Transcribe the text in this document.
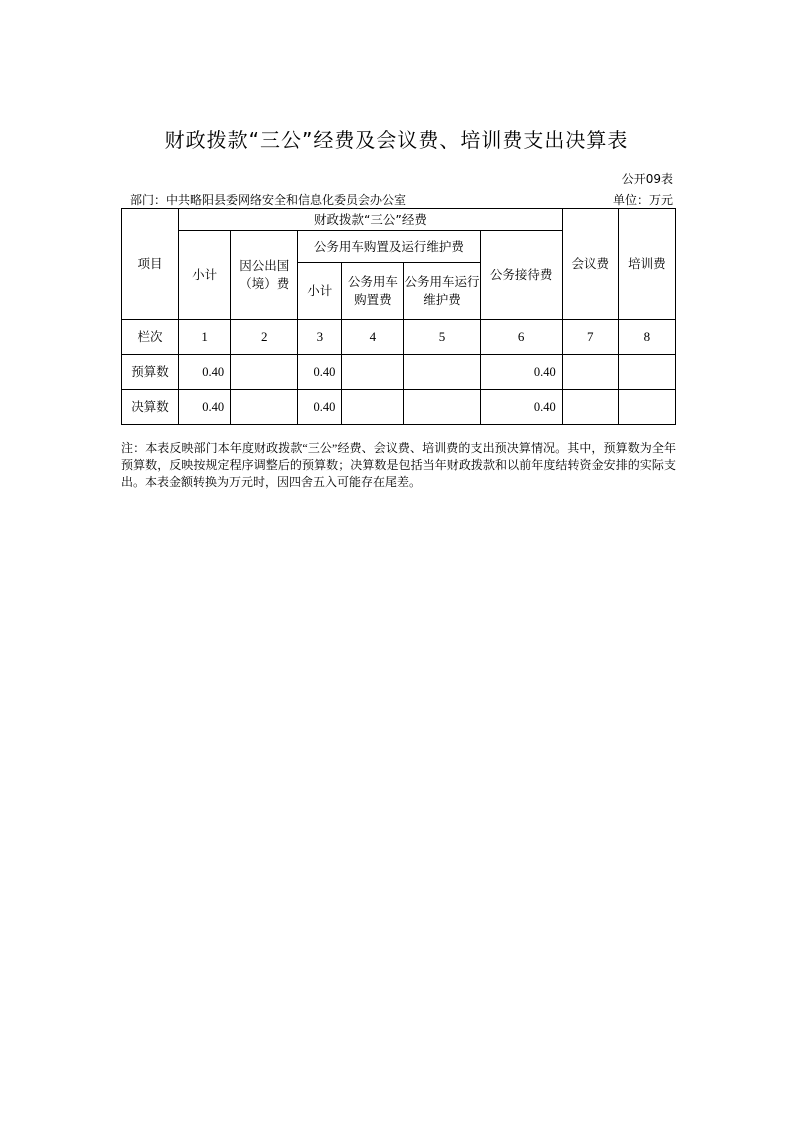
财政拨款“三公”经费及会议费、培训费支出决算表
公开09表
部门：中共略阳县委网络安全和信息化委员会办公室	单位：万元
项目	财政拨款“三公”经费						会议费	培训费
	小计	因公出国（境）费	公务用车购置及运行维护费			公务接待费		
			小计	公务用车购置费	公务用车运行维护费			
栏次	1	2	3	4	5	6	7	8
预算数	0.40		0.40			0.40		
决算数	0.40		0.40			0.40		
注：本表反映部门本年度财政拨款“三公”经费、会议费、培训费的支出预决算情况。其中，预算数为全年预算数，反映按规定程序调整后的预算数；决算数是包括当年财政拨款和以前年度结转资金安排的实际支出。本表金额转换为万元时，因四舍五入可能存在尾差。
